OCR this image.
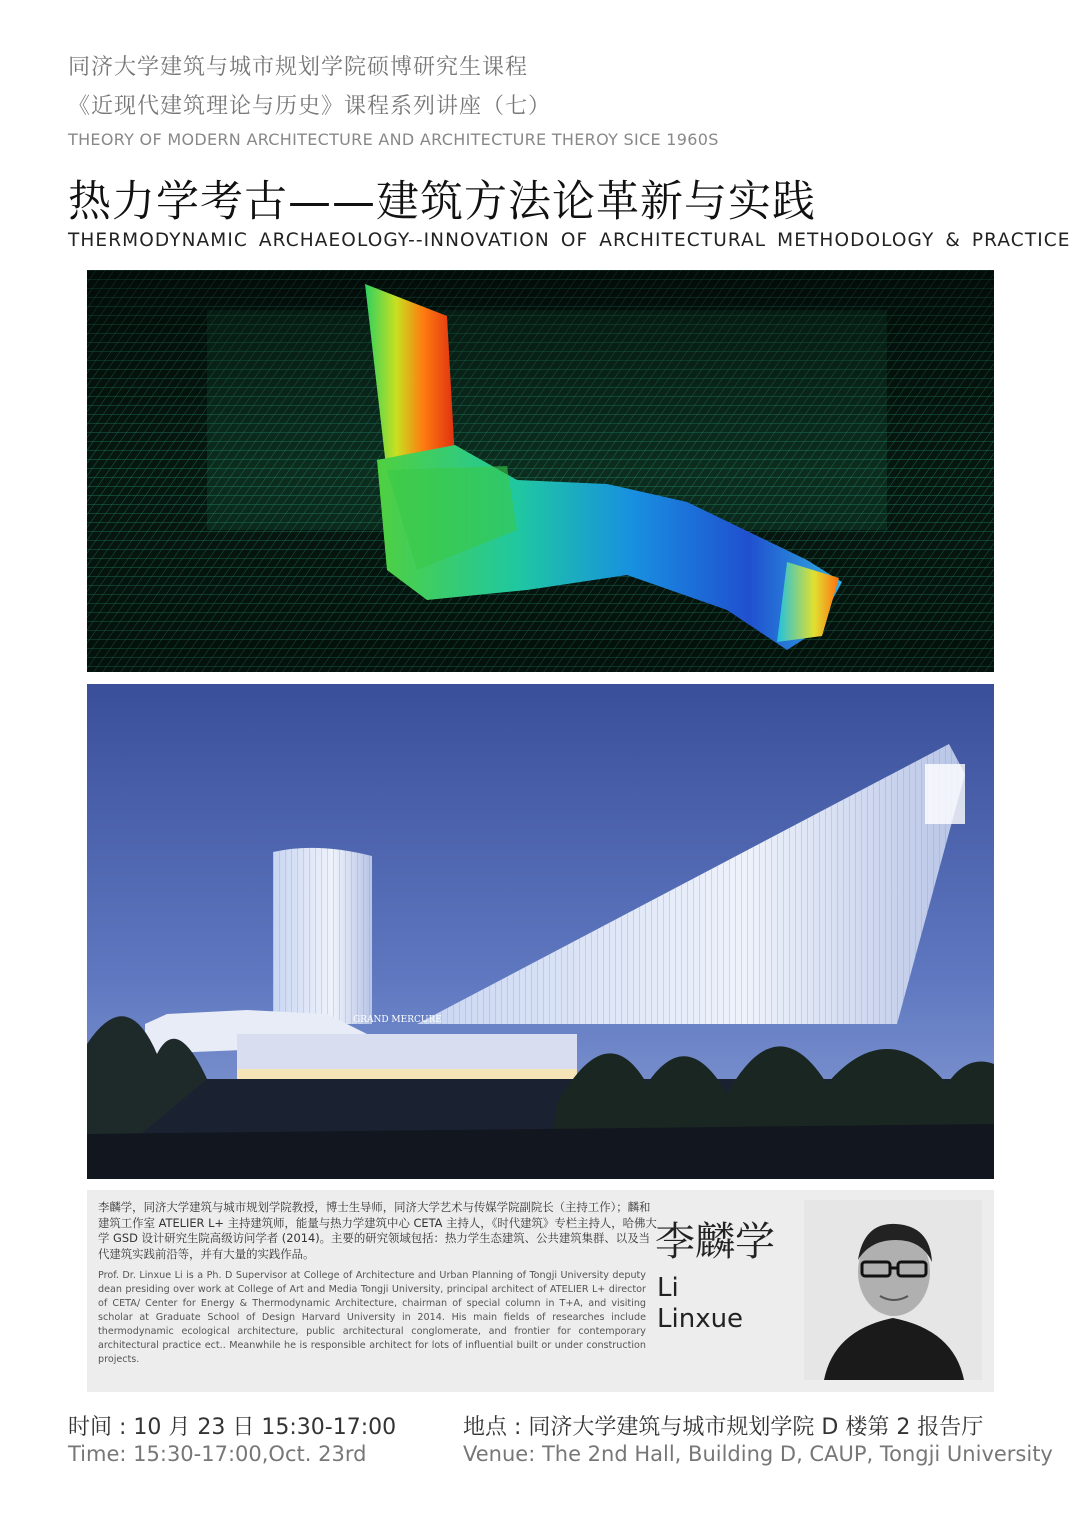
同济大学建筑与城市规划学院硕博研究生课程
《近现代建筑理论与历史》课程系列讲座（七）
THEORY OF MODERN ARCHITECTURE AND ARCHITECTURE THEROY SICE 1960S
热力学考古——建筑方法论革新与实践
THERMODYNAMIC ARCHAEOLOGY--INNOVATION OF ARCHITECTURAL METHODOLOGY & PRACTICE
GRAND MERCURE
李麟学，同济大学建筑与城市规划学院教授，博士生导师，同济大学艺术与传媒学院副院长（主持工作）；麟和建筑工作室 ATELIER L+ 主持建筑师，能量与热力学建筑中心 CETA 主持人，《时代建筑》专栏主持人，哈佛大学 GSD 设计研究生院高级访问学者 (2014)。主要的研究领域包括：热力学生态建筑、公共建筑集群、以及当代建筑实践前沿等，并有大量的实践作品。
Prof. Dr. Linxue Li is a Ph. D Supervisor at College of Architecture and Urban Planning of Tongji University deputy dean presiding over work at College of Art and Media Tongji University, principal architect of ATELIER L+ director of CETA/ Center for Energy & Thermodynamic Architecture, chairman of special column in T+A, and visiting scholar at Graduate School of Design Harvard University in 2014. His main fields of researches include thermodynamic ecological architecture, public architectural conglomerate, and frontier for contemporary architectural practice ect.. Meanwhile he is responsible architect for lots of influential built or under construction projects.
李麟学
Li
Linxue
时间 : 10 月 23 日 15:30-17:00
Time: 15:30-17:00,Oct. 23rd
地点 : 同济大学建筑与城市规划学院 D 楼第 2 报告厅
Venue: The 2nd Hall, Building D, CAUP, Tongji University
